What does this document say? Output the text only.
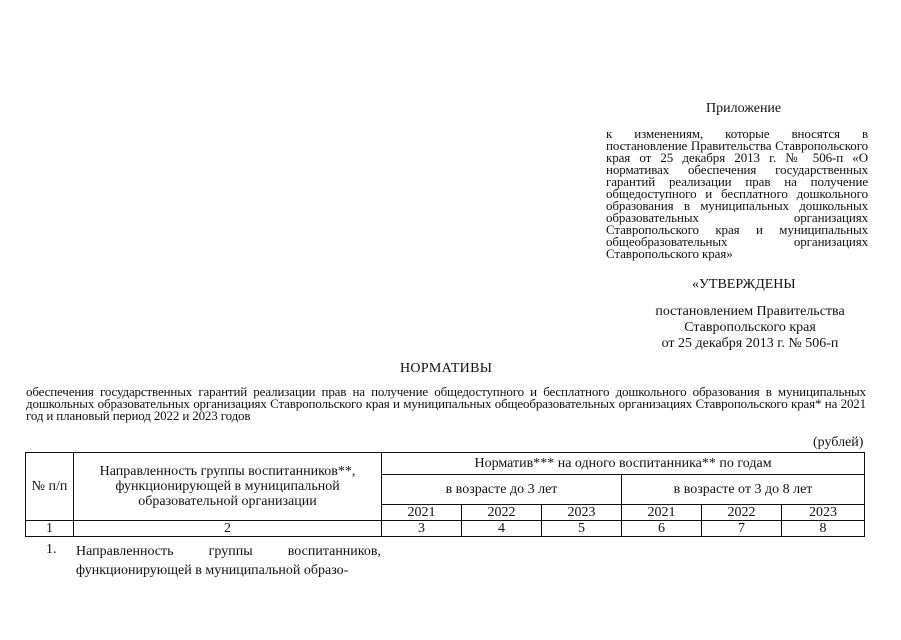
Приложение
к изменениям, которые вносятся в постановление Правительства Ставропольского края от 25 декабря 2013 г. № 506-п «О нормативах обеспечения государственных гарантий реализации прав на получение общедоступного и бесплатного дошкольного образования в муниципальных дошкольных образовательных организациях Ставропольского края и муниципальных общеобразовательных организациях Ставропольского края»
«УТВЕРЖДЕНЫ
постановлением Правительства
Ставропольского края
от 25 декабря 2013 г. № 506-п
НОРМАТИВЫ
обеспечения государственных гарантий реализации прав на получение общедоступного и бесплатного дошкольного образования в муниципальных дошкольных образовательных организациях Ставропольского края и муниципальных общеобразовательных организациях Ставропольского края* на 2021 год и плановый период 2022 и 2023 годов
(рублей)
№ п/п	Направленность группы воспитанников**, функционирующей в муниципальной образовательной организации	Норматив*** на одного воспитанника** по годам					
		в возрасте до 3 лет			в возрасте от 3 до 8 лет		
		2021	2022	2023	2021	2022	2023
1	2	3	4	5	6	7	8
1. Направленность группы воспитанников, функционирующей в муниципальной образо-
